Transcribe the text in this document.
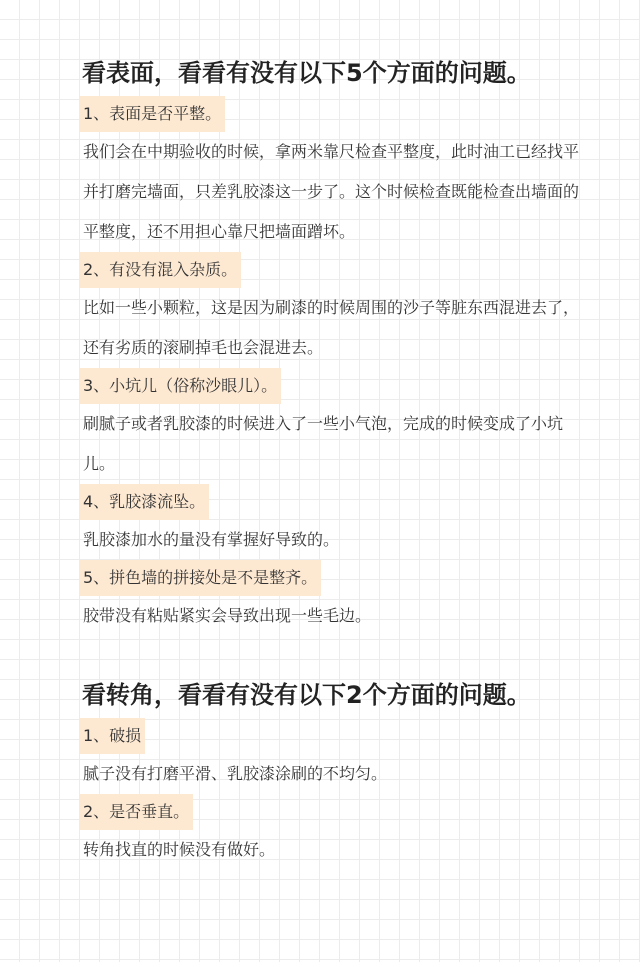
看表面，看看有没有以下5个方面的问题。
1、表面是否平整。

我们会在中期验收的时候，拿两米靠尺检查平整度，此时油工已经找平并打磨完墙面，只差乳胶漆这一步了。这个时候检查既能检查出墙面的平整度，还不用担心靠尺把墙面蹭坏。

2、有没有混入杂质。

比如一些小颗粒，这是因为刷漆的时候周围的沙子等脏东西混进去了，还有劣质的滚刷掉毛也会混进去。

3、小坑儿（俗称沙眼儿）。

刷腻子或者乳胶漆的时候进入了一些小气泡，完成的时候变成了小坑儿。

4、乳胶漆流坠。

乳胶漆加水的量没有掌握好导致的。

5、拼色墙的拼接处是不是整齐。

胶带没有粘贴紧实会导致出现一些毛边。

看转角，看看有没有以下2个方面的问题。
1、破损

腻子没有打磨平滑、乳胶漆涂刷的不均匀。

2、是否垂直。

转角找直的时候没有做好。
